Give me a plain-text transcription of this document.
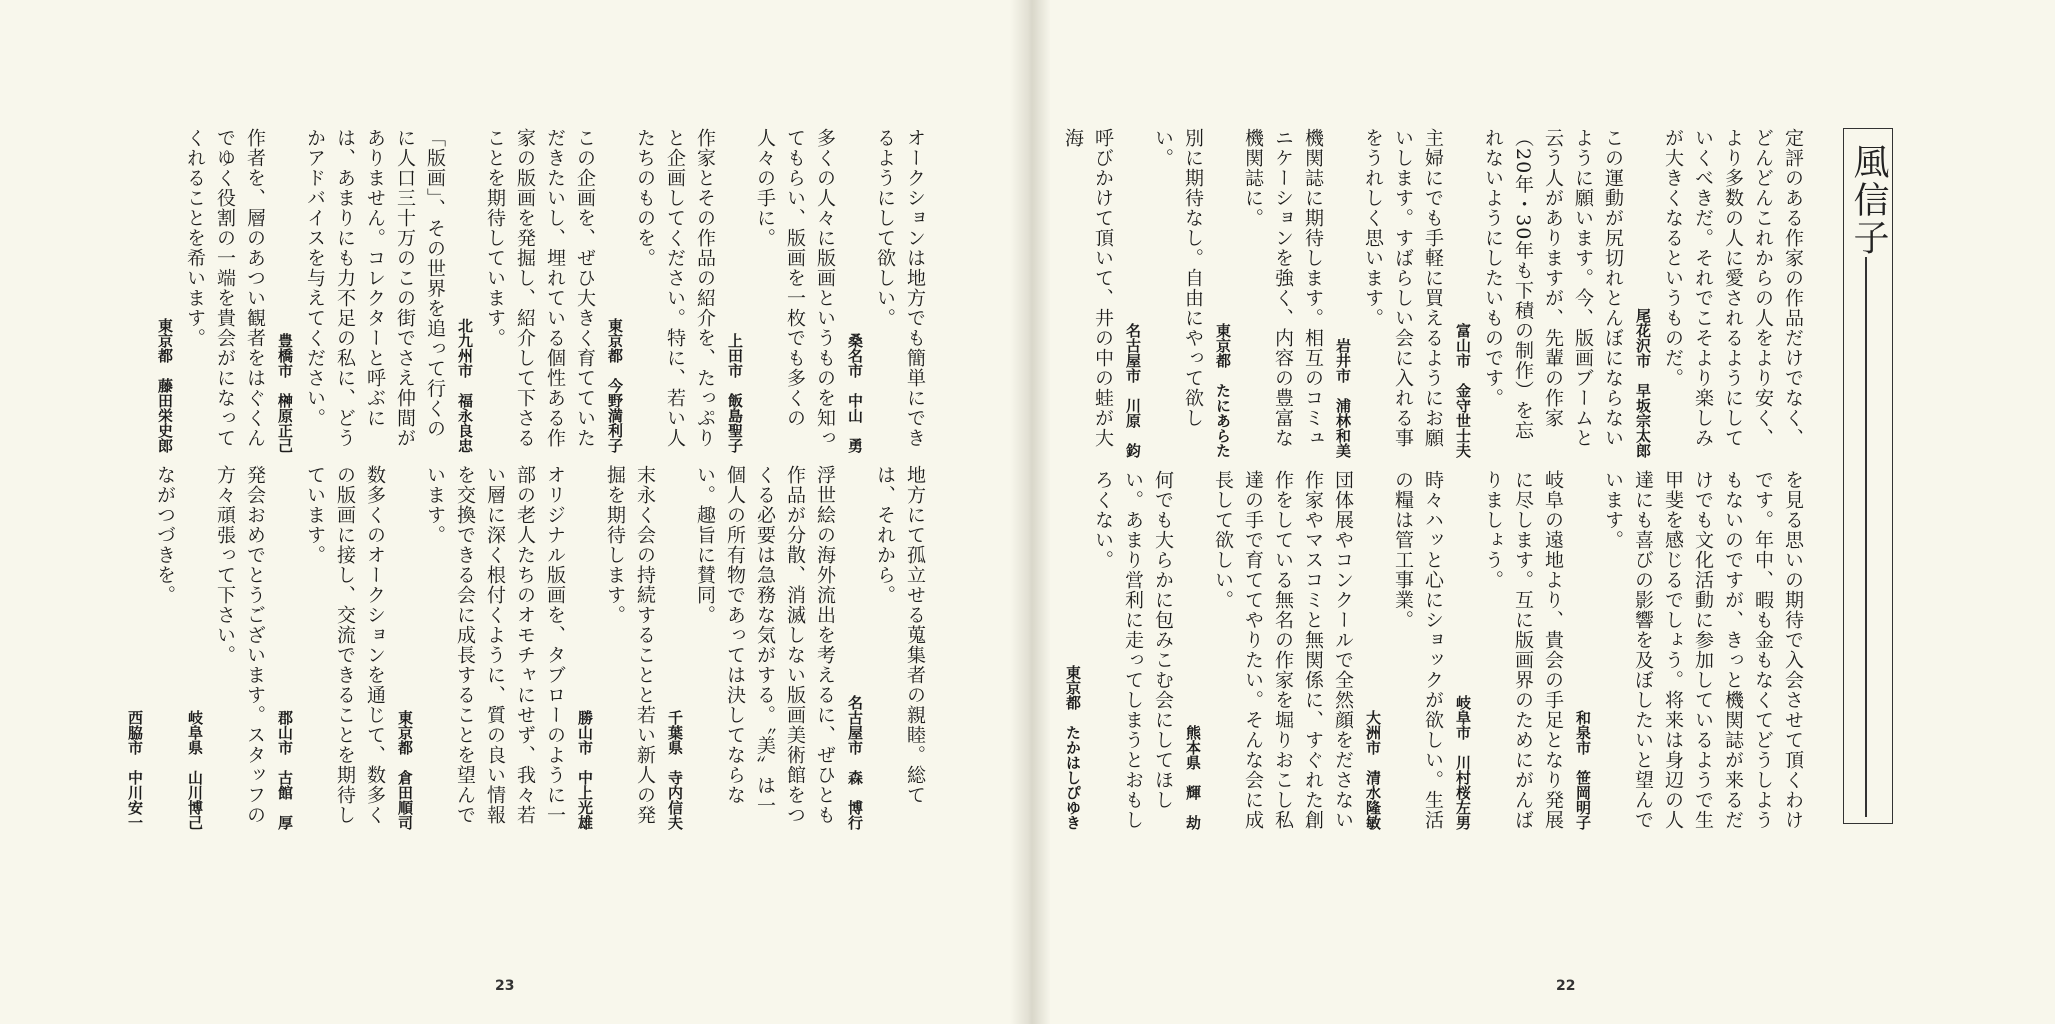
風信子
定評のある作家の作品だけでなく、どんどんこれからの人をより安く、より多数の人に愛されるようにしていくべきだ。それでこそより楽しみが大きくなるというものだ。
尾花沢市　早坂宗太郎
この運動が尻切れとんぼにならないように願います。今、版画ブームと云う人がありますが、先輩の作家（20年・30年も下積の制作）を忘れないようにしたいものです。
富山市　金守世士夫
主婦にでも手軽に買えるようにお願いします。すばらしい会に入れる事をうれしく思います。
岩井市　浦林和美
機関誌に期待します。相互のコミュニケーションを強く、内容の豊富な機関誌に。
東京都　たにあらた
別に期待なし。自由にやって欲しい。
名古屋市　川原　鈞
呼びかけて頂いて、井の中の蛙が大海
を見る思いの期待で入会させて頂くわけです。年中、暇も金もなくてどうしようもないのですが、きっと機関誌が来るだけでも文化活動に参加しているようで生甲斐を感じるでしょう。将来は身辺の人達にも喜びの影響を及ぼしたいと望んでいます。
和泉市　笹岡明子
岐阜の遠地より、貴会の手足となり発展に尽します。互に版画界のためにがんばりましょう。
岐阜市　川村桜左男
時々ハッと心にショックが欲しい。生活の糧は管工事業。
大洲市　清水隆敏
団体展やコンクールで全然顔をださない作家やマスコミと無関係に、すぐれた創作をしている無名の作家を堀りおこし私達の手で育ててやりたい。そんな会に成長して欲しい。
熊本県　輝　劫
何でも大らかに包みこむ会にしてほしい。あまり営利に走ってしまうとおもしろくない。
東京都　たかはしぴゆき
オークションは地方でも簡単にできるようにして欲しい。
桑名市　中山　勇
多くの人々に版画というものを知ってもらい、版画を一枚でも多くの人々の手に。
上田市　飯島聖子
作家とその作品の紹介を、たっぷりと企画してください。特に、若い人たちのものを。
東京都　今野満利子
この企画を、ぜひ大きく育てていただきたいし、埋れている個性ある作家の版画を発掘し、紹介して下さることを期待しています。
北九州市　福永良忠
「版画」、その世界を追って行くのに人口三十万のこの街でさえ仲間がありません。コレクターと呼ぶには、あまりにも力不足の私に、どうかアドバイスを与えてください。
豊橋市　榊原正己
作者を、層のあつい観者をはぐくんでゆく役割の一端を貴会がになってくれることを希います。
東京都　藤田栄史郎
地方にて孤立せる蒐集者の親睦。総ては、それから。
名古屋市　森　博行
浮世絵の海外流出を考えるに、ぜひとも作品が分散、消滅しない版画美術館をつくる必要は急務な気がする。〝美〟は一個人の所有物であっては決してならない。趣旨に賛同。
千葉県　寺内信夫
末永く会の持続することと若い新人の発掘を期待します。
勝山市　中上光雄
オリジナル版画を、タブローのように一部の老人たちのオモチャにせず、我々若い層に深く根付くように、質の良い情報を交換できる会に成長することを望んでいます。
東京都　倉田順司
数多くのオークションを通じて、数多くの版画に接し、交流できることを期待しています。
郡山市　古館　厚
発会おめでとうございます。スタッフの方々頑張って下さい。
岐阜県　山川博己
ながつづきを。
西脇市　中川安一
23	22
